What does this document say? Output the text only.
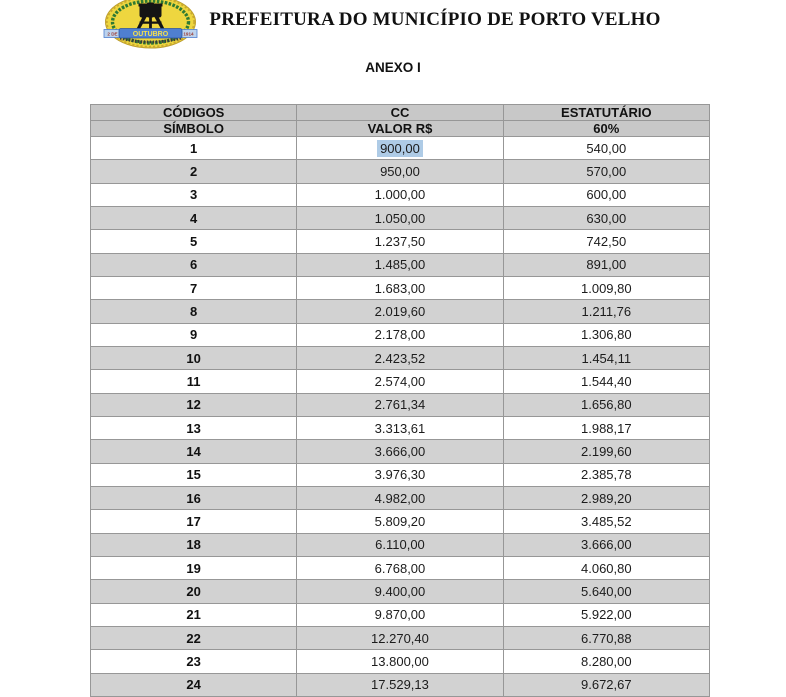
OUTUBRO
2 DE	1914
PREFEITURA DO MUNICÍPIO DE PORTO VELHO
ANEXO I
CÓDIGOS	CC	ESTATUTÁRIO
SÍMBOLO	VALOR R$	60%
1	900,00	540,00
2	950,00	570,00
3	1.000,00	600,00
4	1.050,00	630,00
5	1.237,50	742,50
6	1.485,00	891,00
7	1.683,00	1.009,80
8	2.019,60	1.211,76
9	2.178,00	1.306,80
10	2.423,52	1.454,11
11	2.574,00	1.544,40
12	2.761,34	1.656,80
13	3.313,61	1.988,17
14	3.666,00	2.199,60
15	3.976,30	2.385,78
16	4.982,00	2.989,20
17	5.809,20	3.485,52
18	6.110,00	3.666,00
19	6.768,00	4.060,80
20	9.400,00	5.640,00
21	9.870,00	5.922,00
22	12.270,40	6.770,88
23	13.800,00	8.280,00
24	17.529,13	9.672,67
